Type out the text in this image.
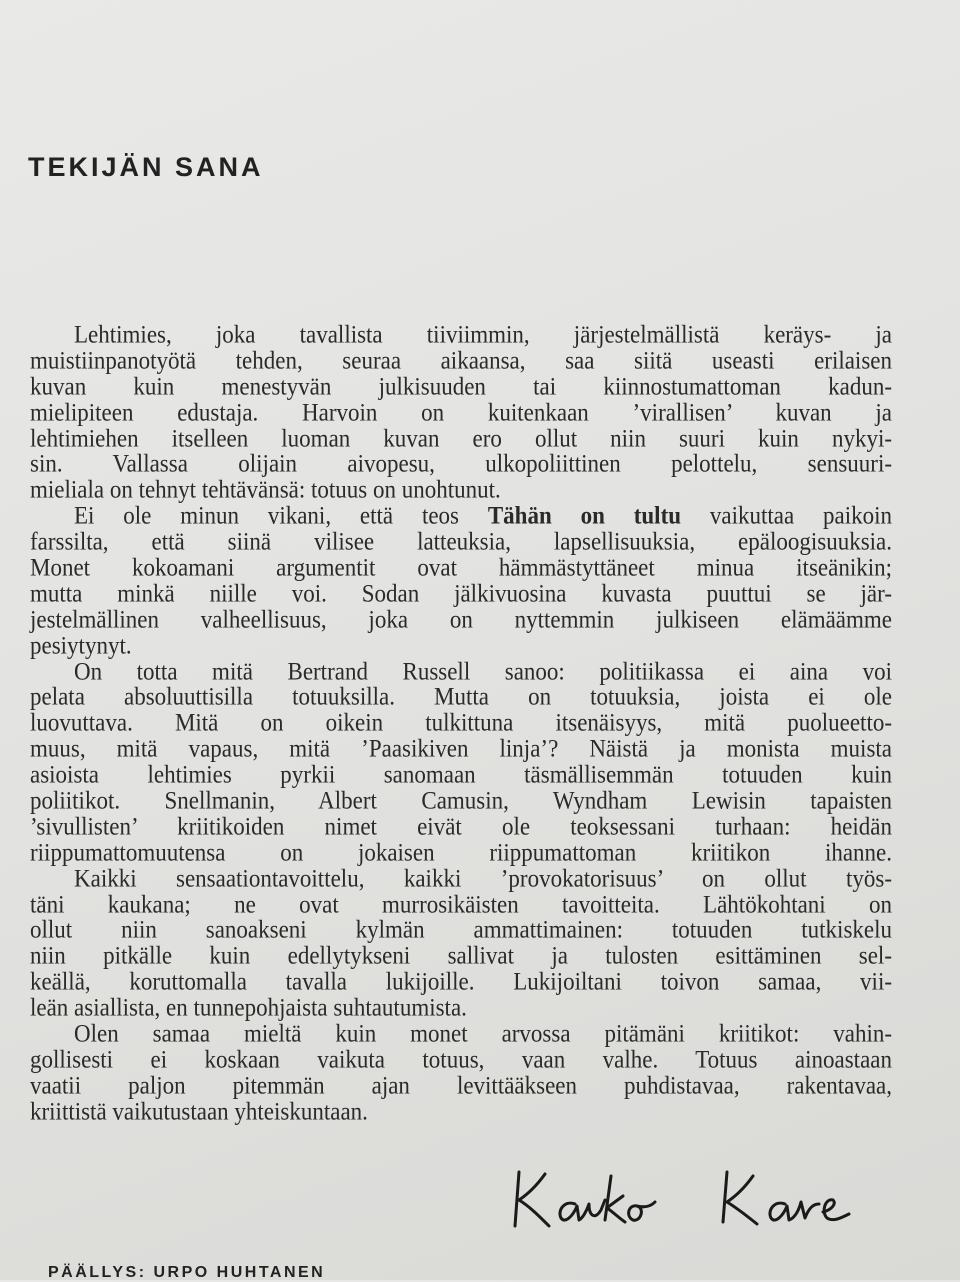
TEKIJÄN SANA
Lehtimies, joka tavallista tiiviimmin, järjestelmällistä keräys- ja
muistiinpanotyötä tehden, seuraa aikaansa, saa siitä useasti erilaisen
kuvan kuin menestyvän julkisuuden tai kiinnostumattoman kadun-
mielipiteen edustaja. Harvoin on kuitenkaan ’virallisen’ kuvan ja
lehtimiehen itselleen luoman kuvan ero ollut niin suuri kuin nykyi-
sin. Vallassa olijain aivopesu, ulkopoliittinen pelottelu, sensuuri-
mieliala on tehnyt tehtävänsä: totuus on unohtunut.
Ei ole minun vikani, että teos Tähän on tultu vaikuttaa paikoin
farssilta, että siinä vilisee latteuksia, lapsellisuuksia, epäloogisuuksia.
Monet kokoamani argumentit ovat hämmästyttäneet minua itseänikin;
mutta minkä niille voi. Sodan jälkivuosina kuvasta puuttui se jär-
jestelmällinen valheellisuus, joka on nyttemmin julkiseen elämäämme
pesiytynyt.
On totta mitä Bertrand Russell sanoo: politiikassa ei aina voi
pelata absoluuttisilla totuuksilla. Mutta on totuuksia, joista ei ole
luovuttava. Mitä on oikein tulkittuna itsenäisyys, mitä puolueetto-
muus, mitä vapaus, mitä ’Paasikiven linja’? Näistä ja monista muista
asioista lehtimies pyrkii sanomaan täsmällisemmän totuuden kuin
poliitikot. Snellmanin, Albert Camusin, Wyndham Lewisin tapaisten
’sivullisten’ kriitikoiden nimet eivät ole teoksessani turhaan: heidän
riippumattomuutensa on jokaisen riippumattoman kriitikon ihanne.
Kaikki sensaationtavoittelu, kaikki ’provokatorisuus’ on ollut työs-
täni kaukana; ne ovat murrosikäisten tavoitteita. Lähtökohtani on
ollut niin sanoakseni kylmän ammattimainen: totuuden tutkiskelu
niin pitkälle kuin edellytykseni sallivat ja tulosten esittäminen sel-
keällä, koruttomalla tavalla lukijoille. Lukijoiltani toivon samaa, vii-
leän asiallista, en tunnepohjaista suhtautumista.
Olen samaa mieltä kuin monet arvossa pitämäni kriitikot: vahin-
gollisesti ei koskaan vaikuta totuus, vaan valhe. Totuus ainoastaan
vaatii paljon pitemmän ajan levittääkseen puhdistavaa, rakentavaa,
kriittistä vaikutustaan yhteiskuntaan.
PÄÄLLYS: URPO HUHTANEN
